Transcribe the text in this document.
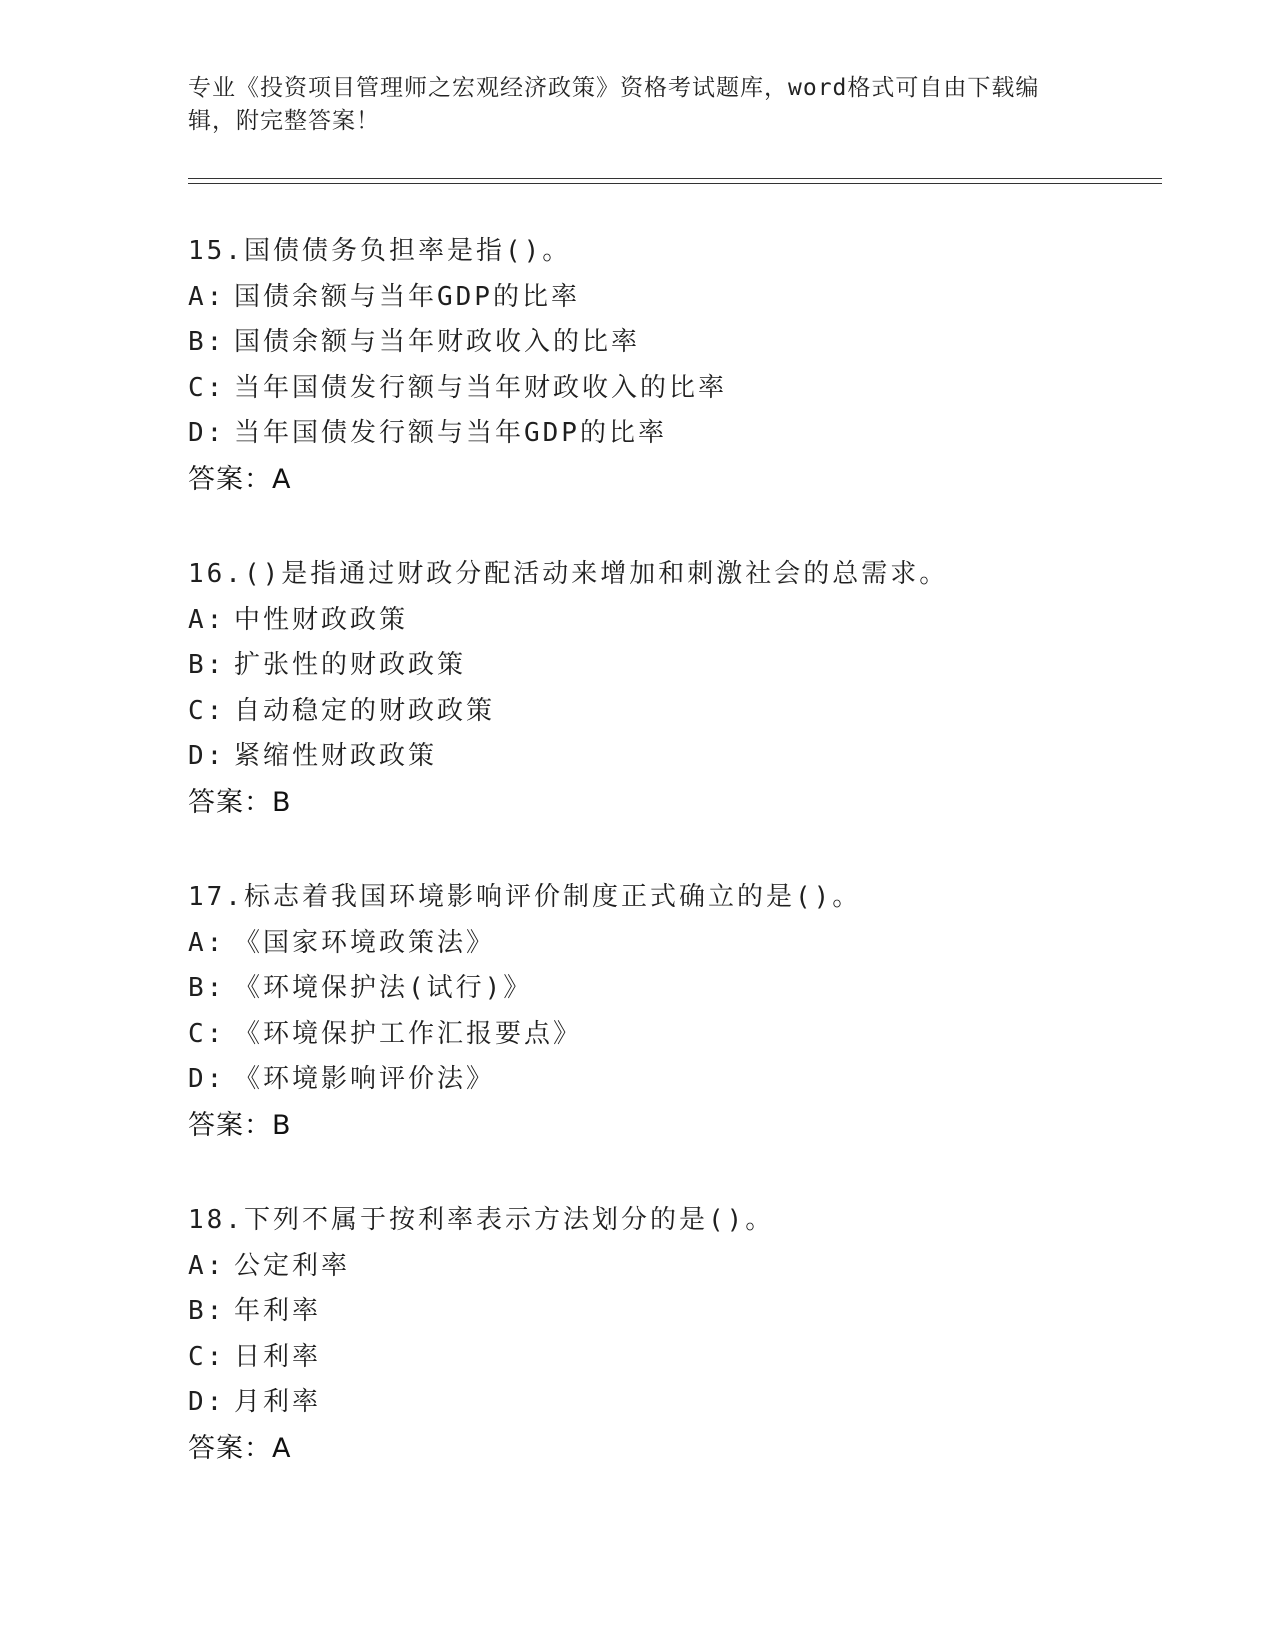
专业《投资项目管理师之宏观经济政策》资格考试题库，word格式可自由下载编
辑，附完整答案！
15.国债债务负担率是指()。
A: 国债余额与当年GDP的比率
B: 国债余额与当年财政收入的比率
C: 当年国债发行额与当年财政收入的比率
D: 当年国债发行额与当年GDP的比率
答案：A
16.()是指通过财政分配活动来增加和刺激社会的总需求。
A: 中性财政政策
B: 扩张性的财政政策
C: 自动稳定的财政政策
D: 紧缩性财政政策
答案：B
17.标志着我国环境影响评价制度正式确立的是()。
A: 《国家环境政策法》
B: 《环境保护法(试行)》
C: 《环境保护工作汇报要点》
D: 《环境影响评价法》
答案：B
18.下列不属于按利率表示方法划分的是()。
A: 公定利率
B: 年利率
C: 日利率
D: 月利率
答案：A
